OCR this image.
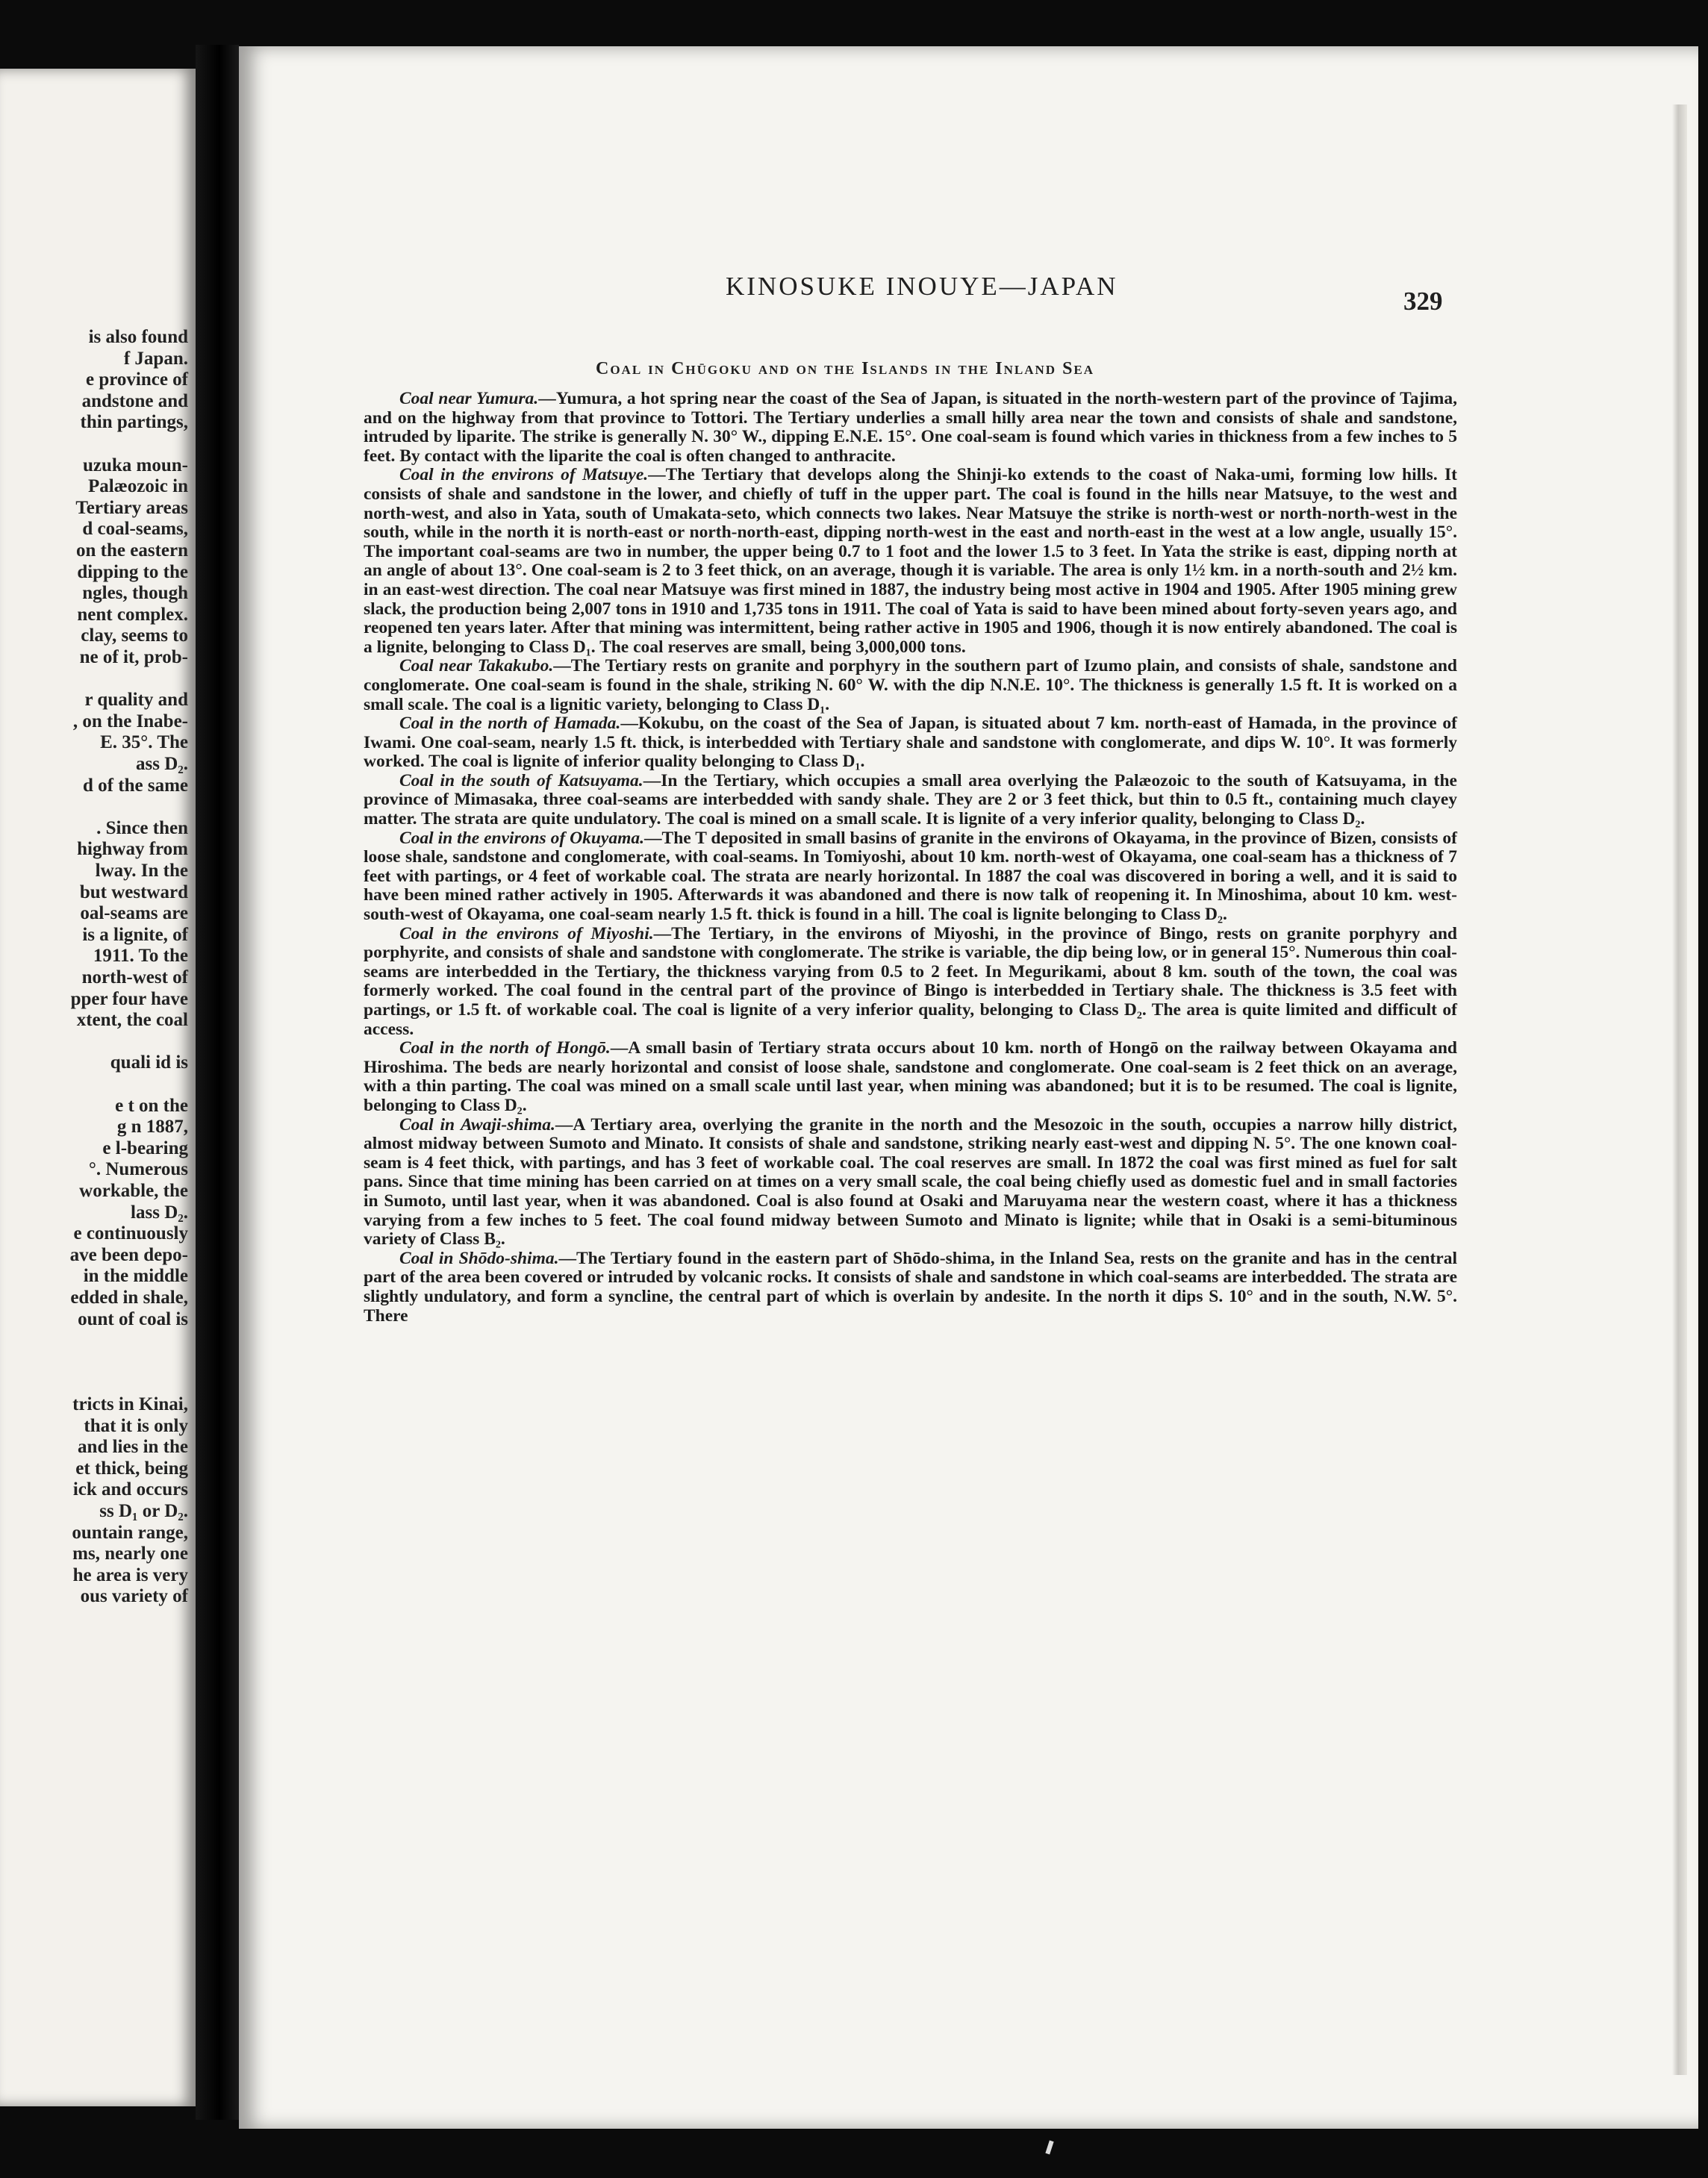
is also found
f Japan.
e province of
andstone and
thin partings,
uzuka moun-
Palæozoic in
Tertiary areas
d coal-seams,
on the eastern
dipping to the
ngles, though
nent complex.
clay, seems to
ne of it, prob-
r quality and
, on the Inabe-
E. 35°. The
ass D₂.
d of the same
. Since then
highway from
lway. In the
but westward
oal-seams are
is a lignite, of
1911. To the
north-west of
pper four have
xtent, the coal
quali id is
e t on the
g n 1887,
e l-bearing
°. Numerous
workable, the
lass D₂.
e continuously
ave been depo-
in the middle
edded in shale,
ount of coal is
tricts in Kinai,
that it is only
and lies in the
et thick, being
ick and occurs
ss D₁ or D₂.
ountain range,
ms, nearly one
he area is very
ous variety of
KINOSUKE INOUYE—JAPAN
329
Coal in Chūgoku and on the Islands in the Inland Sea

Coal near Yumura.—Yumura, a hot spring near the coast of the Sea of Japan, is situated in the north-western part of the province of Tajima, and on the highway from that province to Tottori. The Tertiary underlies a small hilly area near the town and consists of shale and sandstone, intruded by liparite. The strike is generally N. 30° W., dipping E.N.E. 15°. One coal-seam is found which varies in thickness from a few inches to 5 feet. By contact with the liparite the coal is often changed to anthracite.

Coal in the environs of Matsuye.—The Tertiary that develops along the Shinji-ko extends to the coast of Naka-umi, forming low hills. It consists of shale and sandstone in the lower, and chiefly of tuff in the upper part. The coal is found in the hills near Matsuye, to the west and north-west, and also in Yata, south of Umakata-seto, which connects two lakes. Near Matsuye the strike is north-west or north-north-west in the south, while in the north it is north-east or north-north-east, dipping north-west in the east and north-east in the west at a low angle, usually 15°. The important coal-seams are two in number, the upper being 0.7 to 1 foot and the lower 1.5 to 3 feet. In Yata the strike is east, dipping north at an angle of about 13°. One coal-seam is 2 to 3 feet thick, on an average, though it is variable. The area is only 1½ km. in a north-south and 2½ km. in an east-west direction. The coal near Matsuye was first mined in 1887, the industry being most active in 1904 and 1905. After 1905 mining grew slack, the production being 2,007 tons in 1910 and 1,735 tons in 1911. The coal of Yata is said to have been mined about forty-seven years ago, and reopened ten years later. After that mining was intermittent, being rather active in 1905 and 1906, though it is now entirely abandoned. The coal is a lignite, belonging to Class D₁. The coal reserves are small, being 3,000,000 tons.

Coal near Takakubo.—The Tertiary rests on granite and porphyry in the southern part of Izumo plain, and consists of shale, sandstone and conglomerate. One coal-seam is found in the shale, striking N. 60° W. with the dip N.N.E. 10°. The thickness is generally 1.5 ft. It is worked on a small scale. The coal is a lignitic variety, belonging to Class D₁.

Coal in the north of Hamada.—Kokubu, on the coast of the Sea of Japan, is situated about 7 km. north-east of Hamada, in the province of Iwami. One coal-seam, nearly 1.5 ft. thick, is interbedded with Tertiary shale and sandstone with conglomerate, and dips W. 10°. It was formerly worked. The coal is lignite of inferior quality belonging to Class D₁.

Coal in the south of Katsuyama.—In the Tertiary, which occupies a small area overlying the Palæozoic to the south of Katsuyama, in the province of Mimasaka, three coal-seams are interbedded with sandy shale. They are 2 or 3 feet thick, but thin to 0.5 ft., containing much clayey matter. The strata are quite undulatory. The coal is mined on a small scale. It is lignite of a very inferior quality, belonging to Class D₂.

Coal in the environs of Okuyama.—The T deposited in small basins of granite in the environs of Okayama, in the province of Bizen, consists of loose shale, sandstone and conglomerate, with coal-seams. In Tomiyoshi, about 10 km. north-west of Okayama, one coal-seam has a thickness of 7 feet with partings, or 4 feet of workable coal. The strata are nearly horizontal. In 1887 the coal was discovered in boring a well, and it is said to have been mined rather actively in 1905. Afterwards it was abandoned and there is now talk of reopening it. In Minoshima, about 10 km. west-south-west of Okayama, one coal-seam nearly 1.5 ft. thick is found in a hill. The coal is lignite belonging to Class D₂.

Coal in the environs of Miyoshi.—The Tertiary, in the environs of Miyoshi, in the province of Bingo, rests on granite porphyry and porphyrite, and consists of shale and sandstone with conglomerate. The strike is variable, the dip being low, or in general 15°. Numerous thin coal-seams are interbedded in the Tertiary, the thickness varying from 0.5 to 2 feet. In Megurikami, about 8 km. south of the town, the coal was formerly worked. The coal found in the central part of the province of Bingo is interbedded in Tertiary shale. The thickness is 3.5 feet with partings, or 1.5 ft. of workable coal. The coal is lignite of a very inferior quality, belonging to Class D₂. The area is quite limited and difficult of access.

Coal in the north of Hongō.—A small basin of Tertiary strata occurs about 10 km. north of Hongō on the railway between Okayama and Hiroshima. The beds are nearly horizontal and consist of loose shale, sandstone and conglomerate. One coal-seam is 2 feet thick on an average, with a thin parting. The coal was mined on a small scale until last year, when mining was abandoned; but it is to be resumed. The coal is lignite, belonging to Class D₂.

Coal in Awaji-shima.—A Tertiary area, overlying the granite in the north and the Mesozoic in the south, occupies a narrow hilly district, almost midway between Sumoto and Minato. It consists of shale and sandstone, striking nearly east-west and dipping N. 5°. The one known coal-seam is 4 feet thick, with partings, and has 3 feet of workable coal. The coal reserves are small. In 1872 the coal was first mined as fuel for salt pans. Since that time mining has been carried on at times on a very small scale, the coal being chiefly used as domestic fuel and in small factories in Sumoto, until last year, when it was abandoned. Coal is also found at Osaki and Maruyama near the western coast, where it has a thickness varying from a few inches to 5 feet. The coal found midway between Sumoto and Minato is lignite; while that in Osaki is a semi-bituminous variety of Class B₂.

Coal in Shōdo-shima.—The Tertiary found in the eastern part of Shōdo-shima, in the Inland Sea, rests on the granite and has in the central part of the area been covered or intruded by volcanic rocks. It consists of shale and sandstone in which coal-seams are interbedded. The strata are slightly undulatory, and form a syncline, the central part of which is overlain by andesite. In the north it dips S. 10° and in the south, N.W. 5°. There
